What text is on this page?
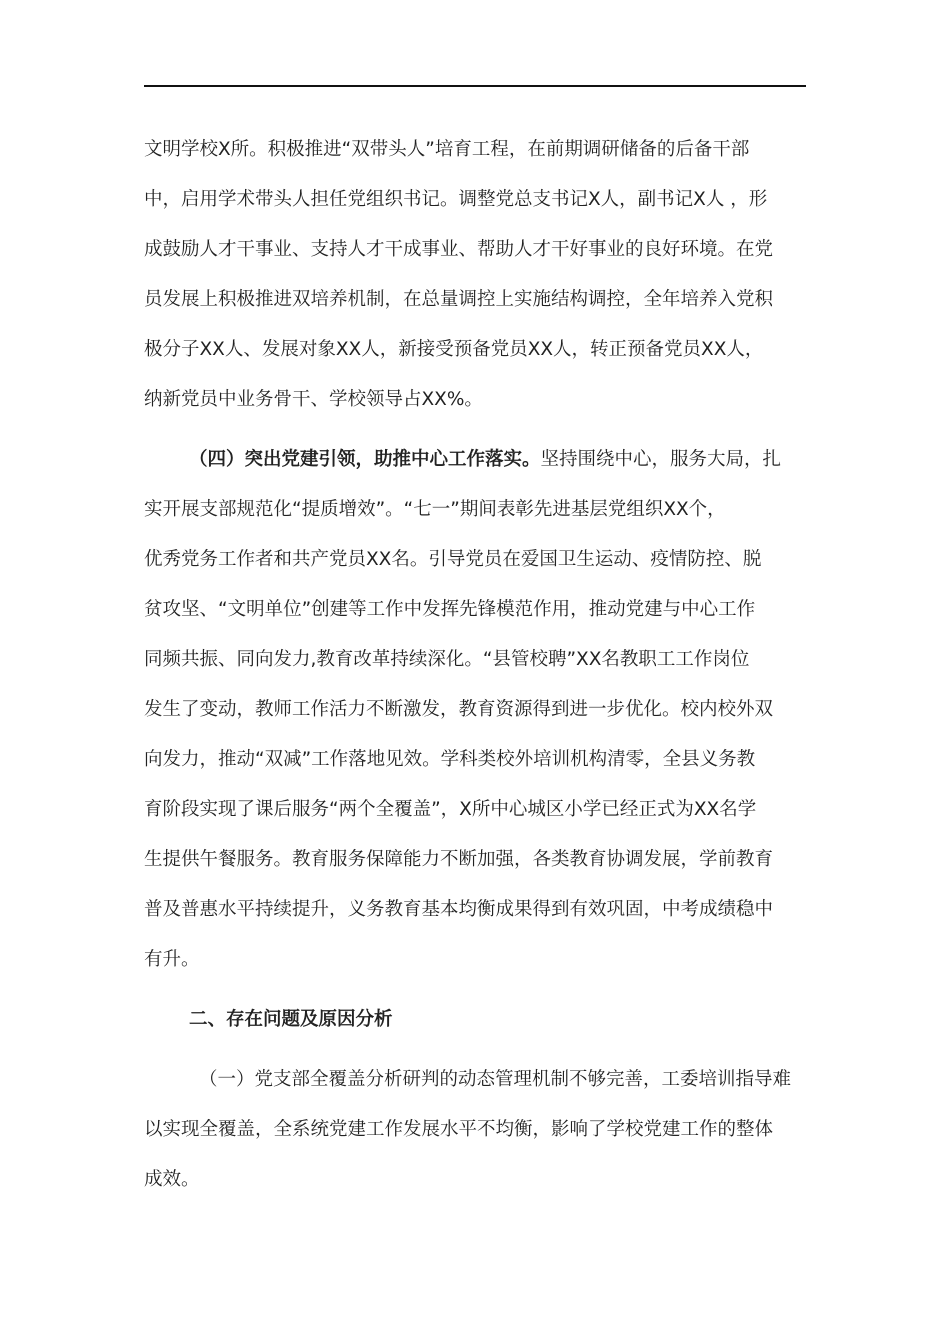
文明学校Ⅹ所。积极推进“双带头人”培育工程，在前期调研储备的后备干部
中，启用学术带头人担任党组织书记。调整党总支书记Ⅹ人，副书记Ⅹ人 ，形
成鼓励人才干事业、支持人才干成事业、帮助人才干好事业的良好环境。在党
员发展上积极推进双培养机制，在总量调控上实施结构调控，全年培养入党积
极分子XX人、发展对象XX人，新接受预备党员XX人，转正预备党员XX人，
纳新党员中业务骨干、学校领导占XX%。
（四）突出党建引领，助推中心工作落实。坚持围绕中心，服务大局，扎
实开展支部规范化“提质增效”。“七一”期间表彰先进基层党组织XX个，
优秀党务工作者和共产党员XX名。引导党员在爱国卫生运动、疫情防控、脱
贫攻坚、“文明单位”创建等工作中发挥先锋模范作用，推动党建与中心工作
同频共振、同向发力,教育改革持续深化。“县管校聘”XX名教职工工作岗位
发生了变动，教师工作活力不断激发，教育资源得到进一步优化。校内校外双
向发力，推动“双减”工作落地见效。学科类校外培训机构清零，全县义务教
育阶段实现了课后服务“两个全覆盖”，Ⅹ所中心城区小学已经正式为XX名学
生提供午餐服务。教育服务保障能力不断加强，各类教育协调发展，学前教育
普及普惠水平持续提升，义务教育基本均衡成果得到有效巩固，中考成绩稳中
有升。
二、存在问题及原因分析
（一）党支部全覆盖分析研判的动态管理机制不够完善，工委培训指导难
以实现全覆盖，全系统党建工作发展水平不均衡，影响了学校党建工作的整体
成效。
